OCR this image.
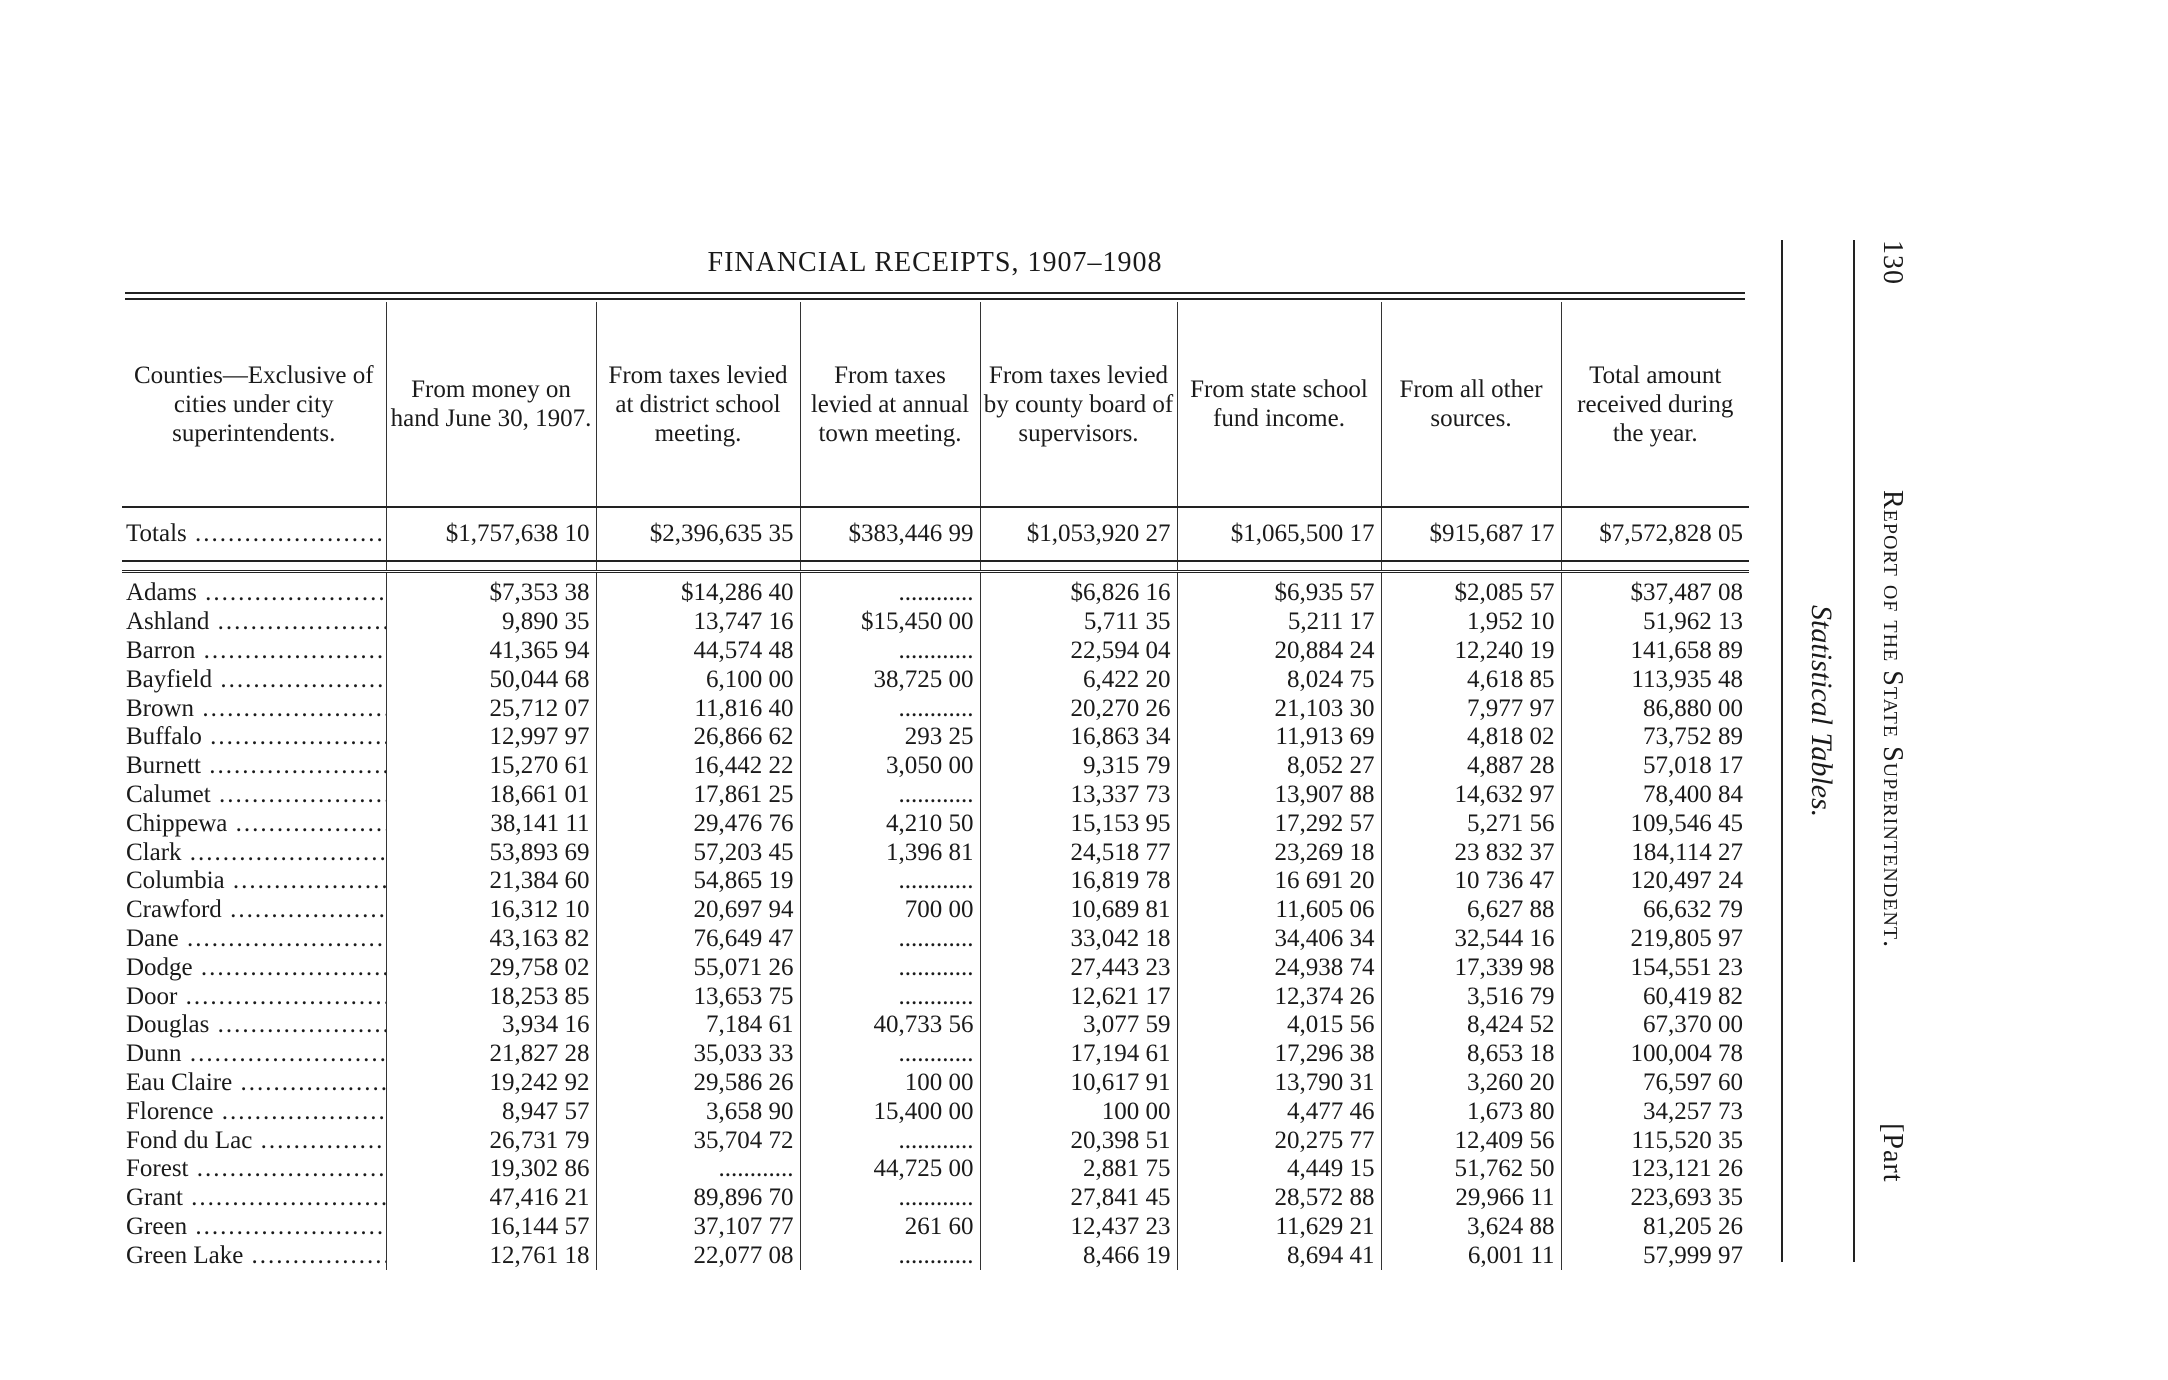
FINANCIAL RECEIPTS, 1907–1908
Counties—Exclusive of cities under city superintendents.	From money on hand June 30, 1907.	From taxes levied at district school meeting.	From taxes levied at annual town meeting.	From taxes levied by county board of supervisors.	From state school fund income.	From all other sources.	Total amount received during the year.
Totals .....	$1,757,638 10	$2,396,635 35	$383,446 99	$1,053,920 27	$1,065,500 17	$915,687 17	$7,572,828 05

Adams .....	$7,353 38	$14,286 40	............	$6,826 16	$6,935 57	$2,085 57	$37,487 08
Ashland .....	9,890 35	13,747 16	$15,450 00	5,711 35	5,211 17	1,952 10	51,962 13
Barron .....	41,365 94	44,574 48	............	22,594 04	20,884 24	12,240 19	141,658 89
Bayfield .....	50,044 68	6,100 00	38,725 00	6,422 20	8,024 75	4,618 85	113,935 48
Brown .....	25,712 07	11,816 40	............	20,270 26	21,103 30	7,977 97	86,880 00
Buffalo .....	12,997 97	26,866 62	293 25	16,863 34	11,913 69	4,818 02	73,752 89
Burnett .....	15,270 61	16,442 22	3,050 00	9,315 79	8,052 27	4,887 28	57,018 17
Calumet .....	18,661 01	17,861 25	............	13,337 73	13,907 88	14,632 97	78,400 84
Chippewa .....	38,141 11	29,476 76	4,210 50	15,153 95	17,292 57	5,271 56	109,546 45
Clark .....	53,893 69	57,203 45	1,396 81	24,518 77	23,269 18	23 832 37	184,114 27
Columbia .....	21,384 60	54,865 19	............	16,819 78	16 691 20	10 736 47	120,497 24
Crawford .....	16,312 10	20,697 94	700 00	10,689 81	11,605 06	6,627 88	66,632 79
Dane .....	43,163 82	76,649 47	............	33,042 18	34,406 34	32,544 16	219,805 97
Dodge .....	29,758 02	55,071 26	............	27,443 23	24,938 74	17,339 98	154,551 23
Door .....	18,253 85	13,653 75	............	12,621 17	12,374 26	3,516 79	60,419 82
Douglas .....	3,934 16	7,184 61	40,733 56	3,077 59	4,015 56	8,424 52	67,370 00
Dunn .....	21,827 28	35,033 33	............	17,194 61	17,296 38	8,653 18	100,004 78
Eau Claire .....	19,242 92	29,586 26	100 00	10,617 91	13,790 31	3,260 20	76,597 60
Florence .....	8,947 57	3,658 90	15,400 00	100 00	4,477 46	1,673 80	34,257 73
Fond du Lac .....	26,731 79	35,704 72	............	20,398 51	20,275 77	12,409 56	115,520 35
Forest .....	19,302 86	............	44,725 00	2,881 75	4,449 15	51,762 50	123,121 26
Grant .....	47,416 21	89,896 70	............	27,841 45	28,572 88	29,966 11	223,693 35
Green .....	16,144 57	37,107 77	261 60	12,437 23	11,629 21	3,624 88	81,205 26
Green Lake .....	12,761 18	22,077 08	............	8,466 19	8,694 41	6,001 11	57,999 97
130Report of the State Superintendent.[Part
Statistical Tables.
